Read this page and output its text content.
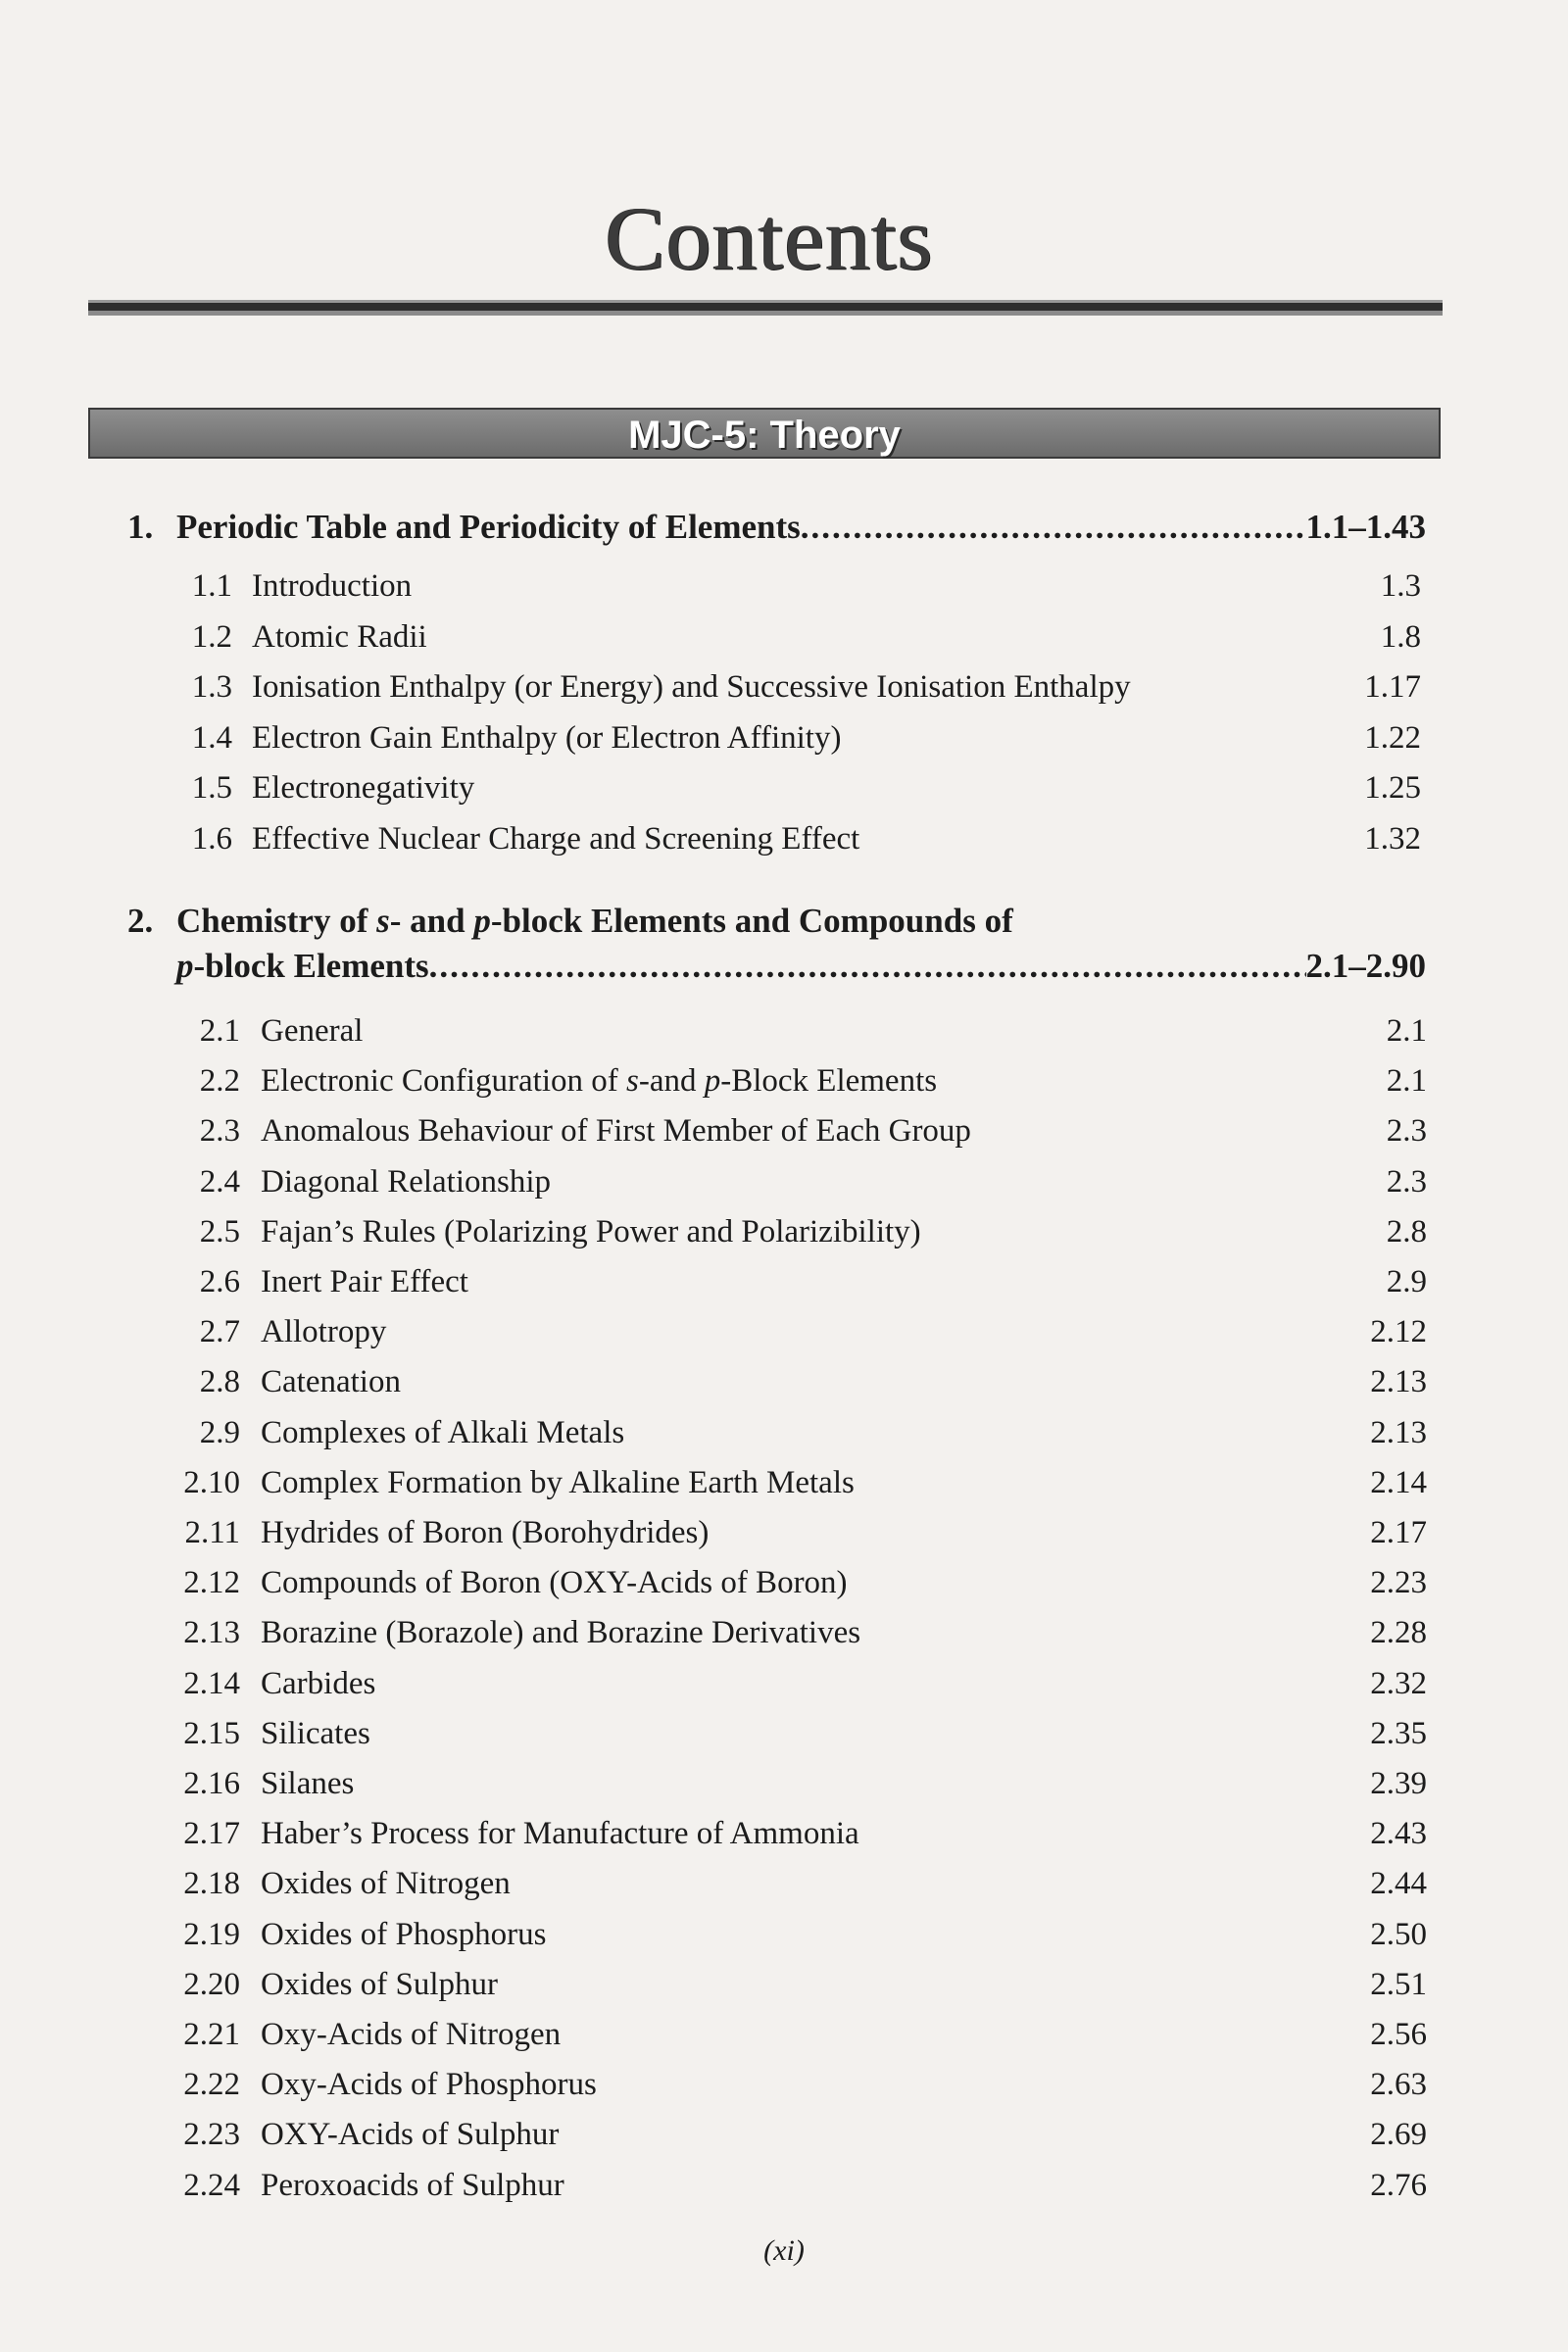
Contents
MJC-5: Theory
1. Periodic Table and Periodicity of Elements .....	1.1–1.43
1.1 Introduction	1.3
1.2 Atomic Radii	1.8
1.3 Ionisation Enthalpy (or Energy) and Successive Ionisation Enthalpy	1.17
1.4 Electron Gain Enthalpy (or Electron Affinity)	1.22
1.5 Electronegativity	1.25
1.6 Effective Nuclear Charge and Screening Effect	1.32
2. Chemistry of s- and p-block Elements and Compounds of
p-block Elements .....	2.1–2.90
2.1 General	2.1
2.2 Electronic Configuration of s-and p-Block Elements	2.1
2.3 Anomalous Behaviour of First Member of Each Group	2.3
2.4 Diagonal Relationship	2.3
2.5 Fajan’s Rules (Polarizing Power and Polarizibility)	2.8
2.6 Inert Pair Effect	2.9
2.7 Allotropy	2.12
2.8 Catenation	2.13
2.9 Complexes of Alkali Metals	2.13
2.10 Complex Formation by Alkaline Earth Metals	2.14
2.11 Hydrides of Boron (Borohydrides)	2.17
2.12 Compounds of Boron (OXY-Acids of Boron)	2.23
2.13 Borazine (Borazole) and Borazine Derivatives	2.28
2.14 Carbides	2.32
2.15 Silicates	2.35
2.16 Silanes	2.39
2.17 Haber’s Process for Manufacture of Ammonia	2.43
2.18 Oxides of Nitrogen	2.44
2.19 Oxides of Phosphorus	2.50
2.20 Oxides of Sulphur	2.51
2.21 Oxy-Acids of Nitrogen	2.56
2.22 Oxy-Acids of Phosphorus	2.63
2.23 OXY-Acids of Sulphur	2.69
2.24 Peroxoacids of Sulphur	2.76
(xi)
